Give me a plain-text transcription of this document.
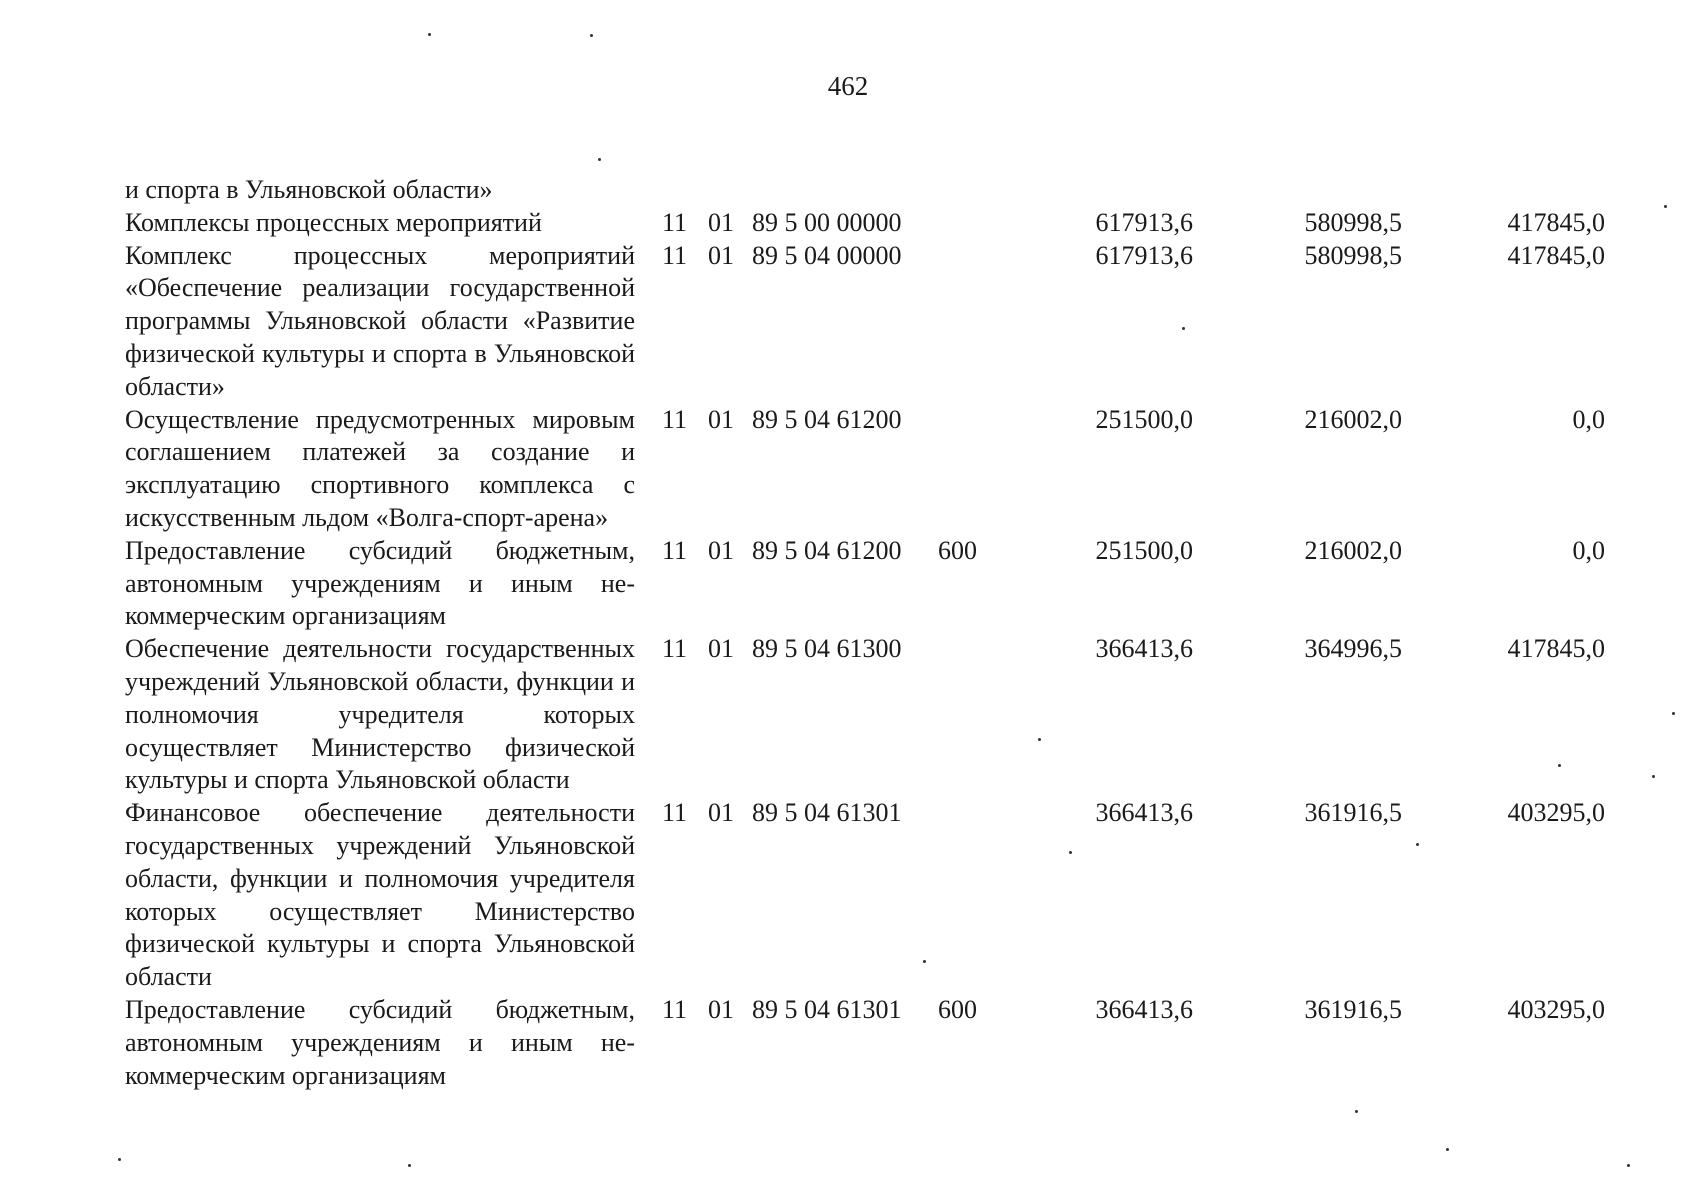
462
и спорта в Ульяновской области»							
Комплексы процессных мероприятий	11	01	89 5 00 00000		617913,6	580998,5	417845,0
Комплекс процессных мероприятий «Обеспечение реализации государственной программы Ульяновской области «Развитие физической культуры и спорта в Ульяновской области»	11	01	89 5 04 00000		617913,6	580998,5	417845,0
Осуществление предусмотренных мировым соглашением платежей за создание и эксплуатацию спортивного комплекса с искусственным льдом «Волга-спорт-арена»	11	01	89 5 04 61200		251500,0	216002,0	0,0
Предоставление субсидий бюджетным, автономным учреждениям и иным некоммерческим организациям	11	01	89 5 04 61200	600	251500,0	216002,0	0,0
Обеспечение деятельности государственных учреждений Ульяновской области, функции и полномочия учредителя которых осуществляет Министерство физической культуры и спорта Ульяновской области	11	01	89 5 04 61300		366413,6	364996,5	417845,0
Финансовое обеспечение деятельности государственных учреждений Ульяновской области, функции и полномочия учредителя которых осуществляет Министерство физической культуры и спорта Ульяновской области	11	01	89 5 04 61301		366413,6	361916,5	403295,0
Предоставление субсидий бюджетным, автономным учреждениям и иным некоммерческим организациям	11	01	89 5 04 61301	600	366413,6	361916,5	403295,0
